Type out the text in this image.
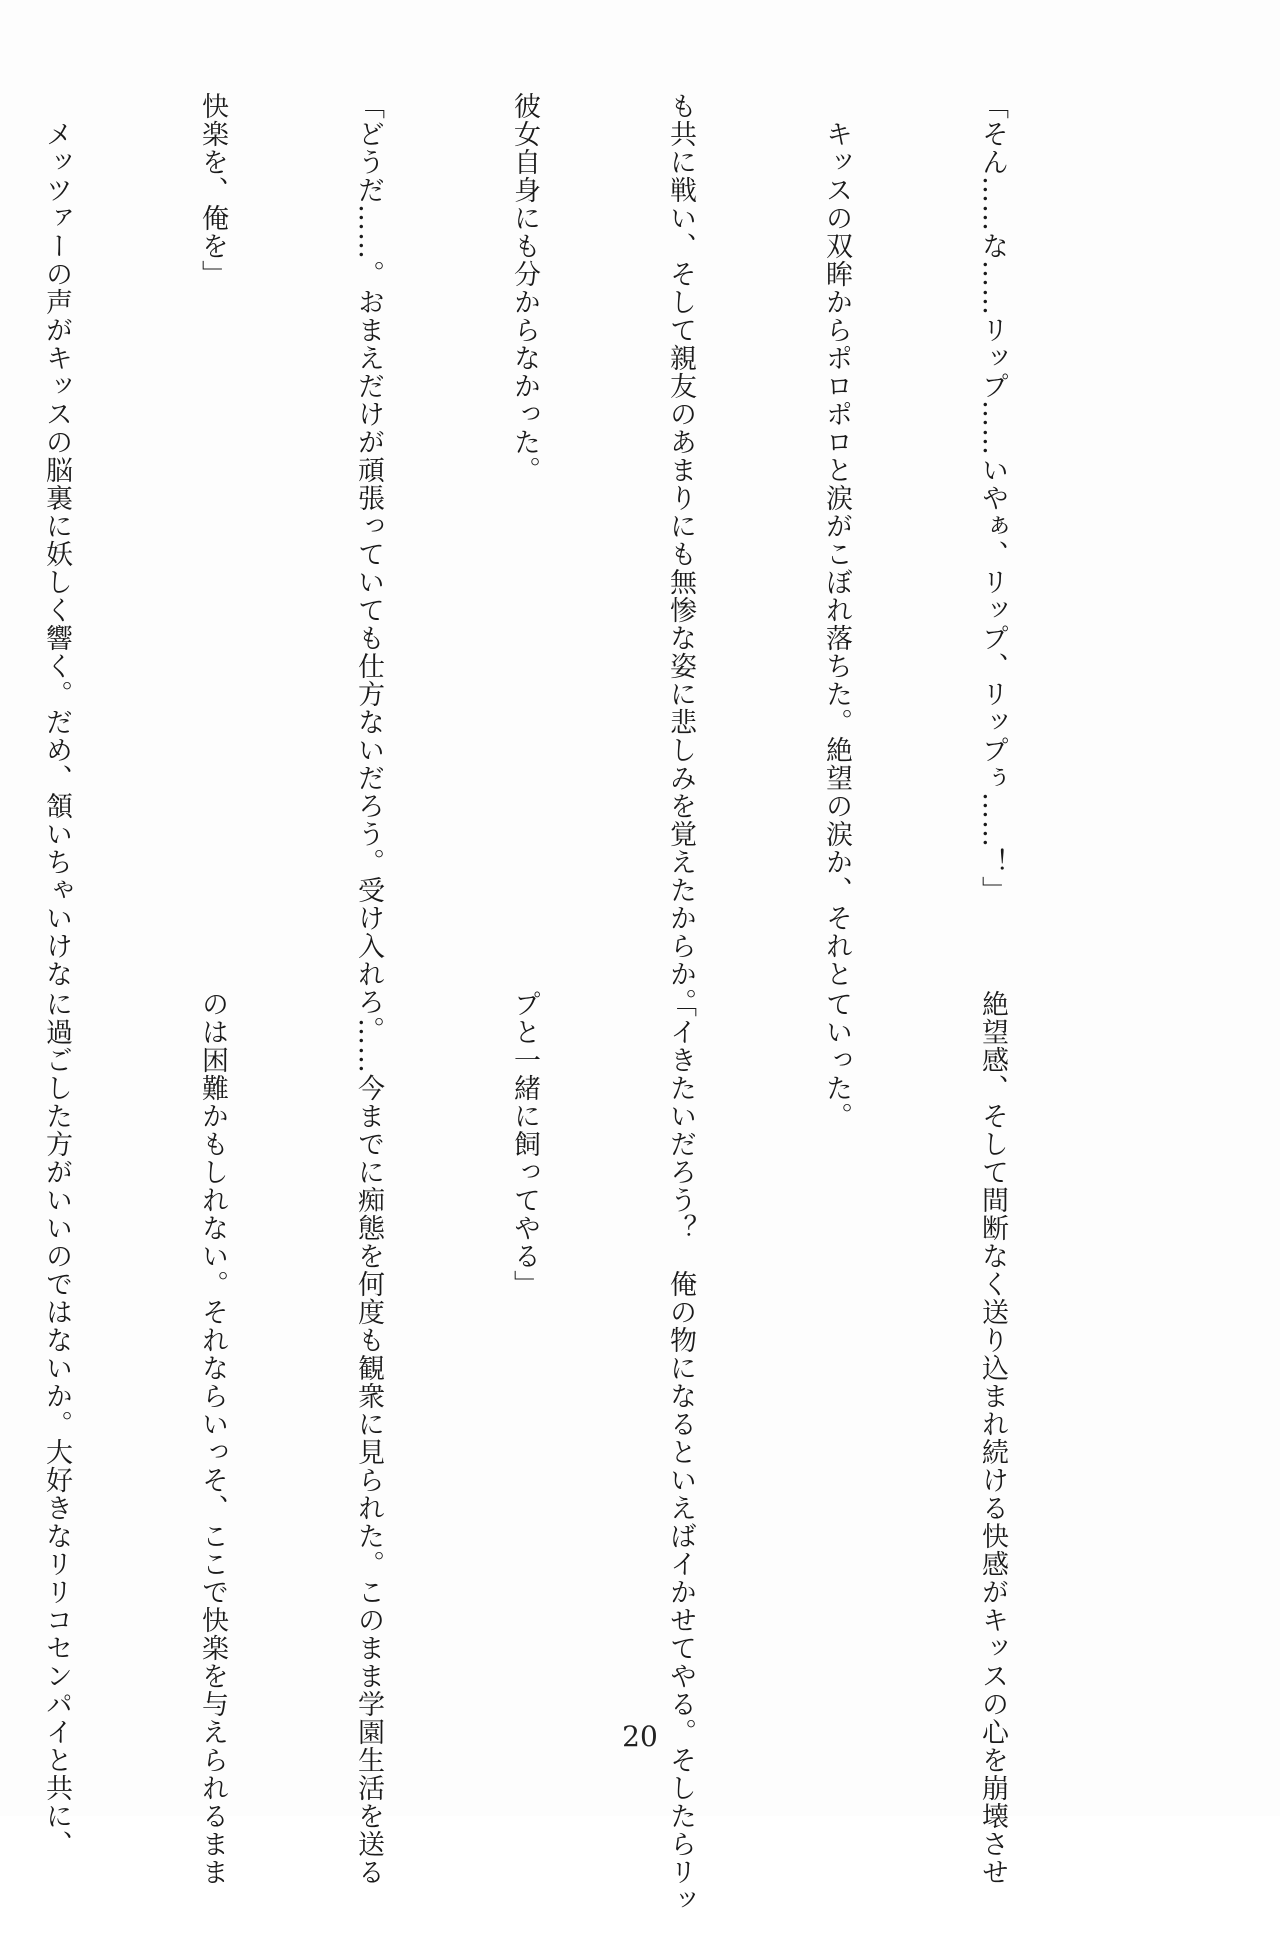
「そん……な……リップ……いやぁ、リップ、リップぅ……！」

　キッスの双眸からポロポロと涙がこぼれ落ちた。絶望の涙か、それと

も共に戦い、そして親友のあまりにも無惨な姿に悲しみを覚えたからか。

彼女自身にも分からなかった。

「どうだ……。おまえだけが頑張っていても仕方ないだろう。受け入れろ。

快楽を、俺を」

　メッツァーの声がキッスの脳裏に妖しく響く。だめ、頷いちゃいけな

絶望感、そして間断なく送り込まれ続ける快感がキッスの心を崩壊させ

ていった。

「イきたいだろう？　俺の物になるといえばイかせてやる。そしたらリッ

プと一緒に飼ってやる」

　……今までに痴態を何度も観衆に見られた。このまま学園生活を送る

のは困難かもしれない。それならいっそ、ここで快楽を与えられるまま

に過ごした方がいいのではないか。大好きなリリコセンパイと共に、

	20
